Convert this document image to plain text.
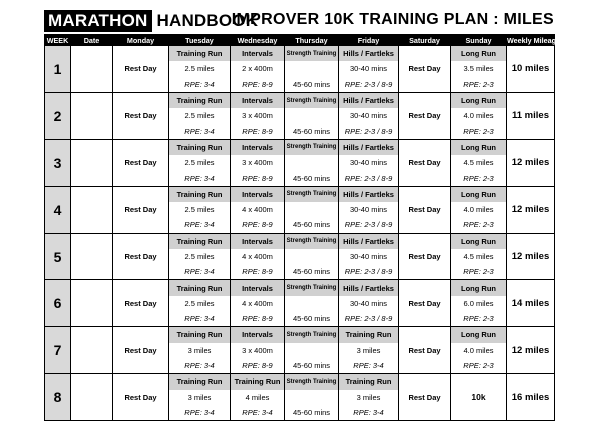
MARATHON HANDBOOK
IMPROVER 10K TRAINING PLAN : MILES
WEEK	Date	Monday	Tuesday	Wednesday	Thursday	Friday	Saturday	Sunday	Weekly Mileage
1		Rest Day	Training Run	Intervals	Strength Training	Hills / Fartleks	Rest Day	Long Run	10 miles
			2.5 miles	2 x 400m		30-40 mins		3.5 miles	
			RPE: 3-4	RPE: 8-9	45-60 mins	RPE: 2-3 / 8-9		RPE: 2-3	
2		Rest Day	Training Run	Intervals	Strength Training	Hills / Fartleks	Rest Day	Long Run	11 miles
			2.5 miles	3 x 400m		30-40 mins		4.0 miles	
			RPE: 3-4	RPE: 8-9	45-60 mins	RPE: 2-3 / 8-9		RPE: 2-3	
3		Rest Day	Training Run	Intervals	Strength Training	Hills / Fartleks	Rest Day	Long Run	12 miles
			2.5 miles	3 x 400m		30-40 mins		4.5 miles	
			RPE: 3-4	RPE: 8-9	45-60 mins	RPE: 2-3 / 8-9		RPE: 2-3	
4		Rest Day	Training Run	Intervals	Strength Training	Hills / Fartleks	Rest Day	Long Run	12 miles
			2.5 miles	4 x 400m		30-40 mins		4.0 miles	
			RPE: 3-4	RPE: 8-9	45-60 mins	RPE: 2-3 / 8-9		RPE: 2-3	
5		Rest Day	Training Run	Intervals	Strength Training	Hills / Fartleks	Rest Day	Long Run	12 miles
			2.5 miles	4 x 400m		30-40 mins		4.5 miles	
			RPE: 3-4	RPE: 8-9	45-60 mins	RPE: 2-3 / 8-9		RPE: 2-3	
6		Rest Day	Training Run	Intervals	Strength Training	Hills / Fartleks	Rest Day	Long Run	14 miles
			2.5 miles	4 x 400m		30-40 mins		6.0 miles	
			RPE: 3-4	RPE: 8-9	45-60 mins	RPE: 2-3 / 8-9		RPE: 2-3	
7		Rest Day	Training Run	Intervals	Strength Training	Training Run	Rest Day	Long Run	12 miles
			3 miles	3 x 400m		3 miles		4.0 miles	
			RPE: 3-4	RPE: 8-9	45-60 mins	RPE: 3-4		RPE: 2-3	
8		Rest Day	Training Run	Training Run	Strength Training	Training Run	Rest Day	10k	16 miles
			3 miles	4 miles		3 miles			
			RPE: 3-4	RPE: 3-4	45-60 mins	RPE: 3-4			
